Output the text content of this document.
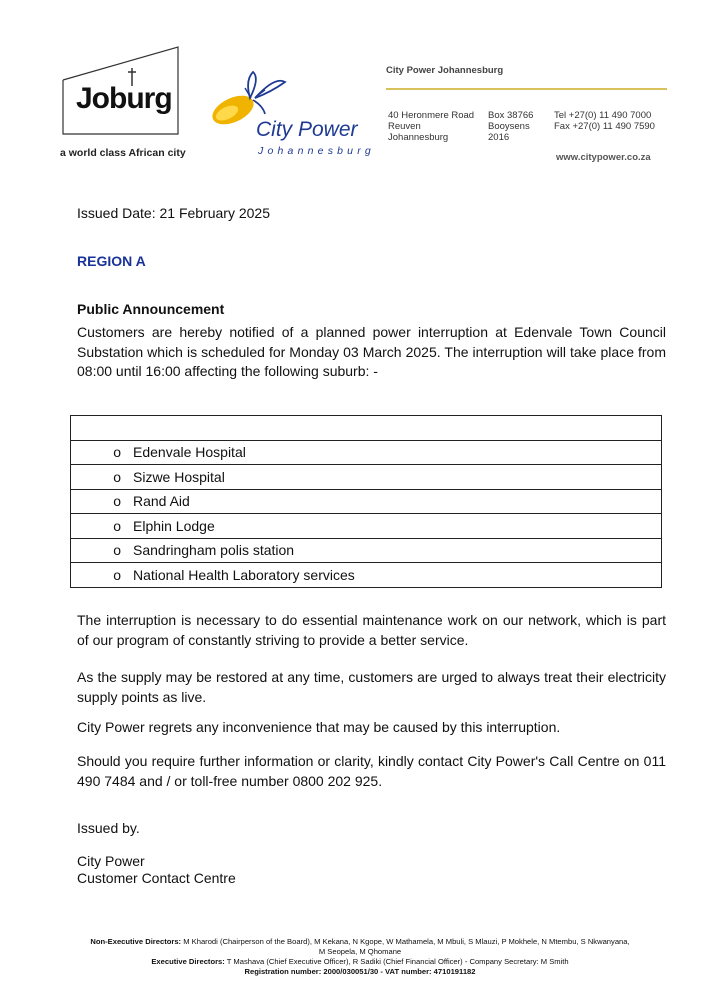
Joburg
a world class African city
City Power
Johannesburg
City Power Johannesburg
40 Heronmere Road
Reuven
Johannesburg
Box 38766
Booysens
2016
Tel +27(0) 11 490 7000
Fax +27(0) 11 490 7590
www.citypower.co.za
Issued Date: 21 February 2025
REGION A
Public Announcement
Customers are hereby notified of a planned power interruption at Edenvale Town Council Substation which is scheduled for Monday 03 March 2025. The interruption will take place from 08:00 until 16:00 affecting the following suburb: -

o Edenvale Hospital
o Sizwe Hospital
o Rand Aid
o Elphin Lodge
o Sandringham polis station
o National Health Laboratory services
The interruption is necessary to do essential maintenance work on our network, which is part of our program of constantly striving to provide a better service.
As the supply may be restored at any time, customers are urged to always treat their electricity supply points as live.
City Power regrets any inconvenience that may be caused by this interruption.
Should you require further information or clarity, kindly contact City Power's Call Centre on 011 490 7484 and / or toll-free number 0800 202 925.
Issued by.
City Power
Customer Contact Centre
Non-Executive Directors: M Kharodi (Chairperson of the Board), M Kekana, N Kgope, W Mathamela, M Mbuli, S Mlauzi, P Mokhele, N Mtembu, S Nkwanyana,
M Seopela, M Qhomane
Executive Directors: T Mashava (Chief Executive Officer), R Sadiki (Chief Financial Officer) - Company Secretary: M Smith
Registration number: 2000/030051/30 - VAT number: 4710191182
